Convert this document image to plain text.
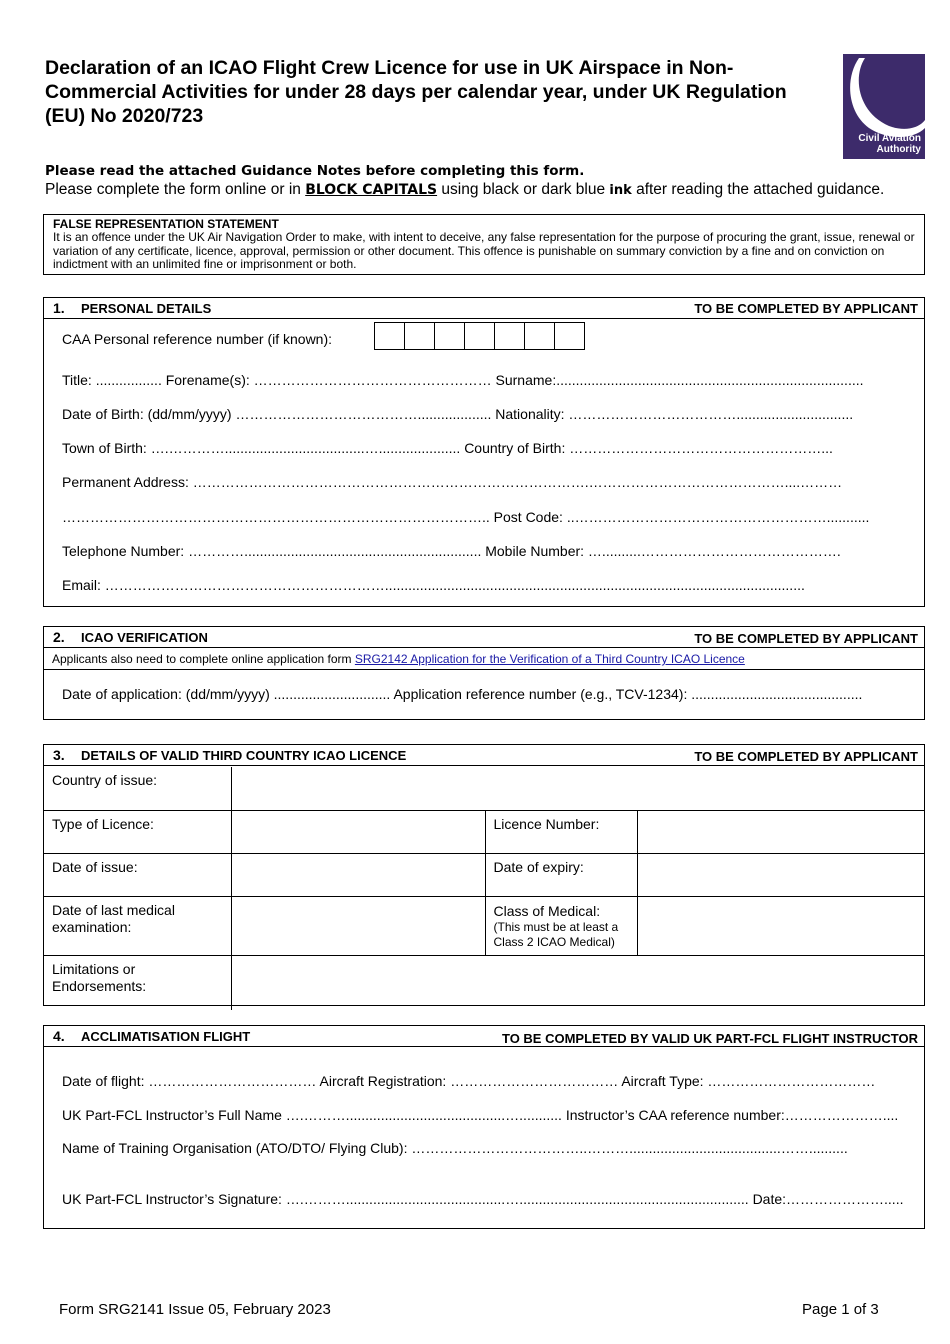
Declaration of an ICAO Flight Crew Licence for use in UK Airspace in Non-Commercial Activities for under 28 days per calendar year, under UK Regulation (EU) No 2020/723
Civil Aviation
Authority
Please read the attached Guidance Notes before completing this form.
Please complete the form online or in BLOCK CAPITALS using black or dark blue ink after reading the attached guidance.
FALSE REPRESENTATION STATEMENT
It is an offence under the UK Air Navigation Order to make, with intent to deceive, any false representation for the purpose of procuring the grant, issue, renewal or variation of any certificate, licence, approval, permission or other document. This offence is punishable on summary conviction by a fine and on conviction on indictment with an unlimited fine or imprisonment or both.
1. PERSONAL DETAILS	TO BE COMPLETED BY APPLICANT
CAA Personal reference number (if known):
Title: ................. Forename(s): …………………………………………… Surname:...............................................................................
Date of Birth: (dd/mm/yyyy) …………………………………................... Nationality: ………………………………..............................
Town of Birth: ….…………....................................…..................... Country of Birth: ………………………………………………...
Permanent Address: ………………………………………………………………………….……………………………………....………
……………………………………………………………………………….. Post Code: ..………………………………………………...........
Telephone Number: …………............................................................. Mobile Number: …..........…………………………………….
Email: ……………………………………………………............................................................................................................
2. ICAO VERIFICATION	TO BE COMPLETED BY APPLICANT
Applicants also need to complete online application form SRG2142 Application for the Verification of a Third Country ICAO Licence
Date of application: (dd/mm/yyyy) .............................. Application reference number (e.g., TCV-1234): ............................................
3. DETAILS OF VALID THIRD COUNTRY ICAO LICENCE	TO BE COMPLETED BY APPLICANT
Country of issue:			
Type of Licence:		Licence Number:	
Date of issue:		Date of expiry:	
Date of last medical examination:		Class of Medical:
(This must be at least a Class 2 ICAO Medical)	

Limitations or Endorsements:			
4. ACCLIMATISATION FLIGHT	TO BE COMPLETED BY VALID UK PART-FCL FLIGHT INSTRUCTOR
Date of flight: ……………………………… Aircraft Registration: ……………………………… Aircraft Type: ………………………………
UK Part-FCL Instructor’s Full Name ….……….........................................…........... Instructor’s CAA reference number:…………………....
Name of Training Organisation (ATO/DTO/ Flying Club): ………………………………..……….......................................……..........
UK Part-FCL Instructor’s Signature: ….……….........................................…........................................................... Date:………………….....
Form SRG2141 Issue 05, February 2023	Page 1 of 3
